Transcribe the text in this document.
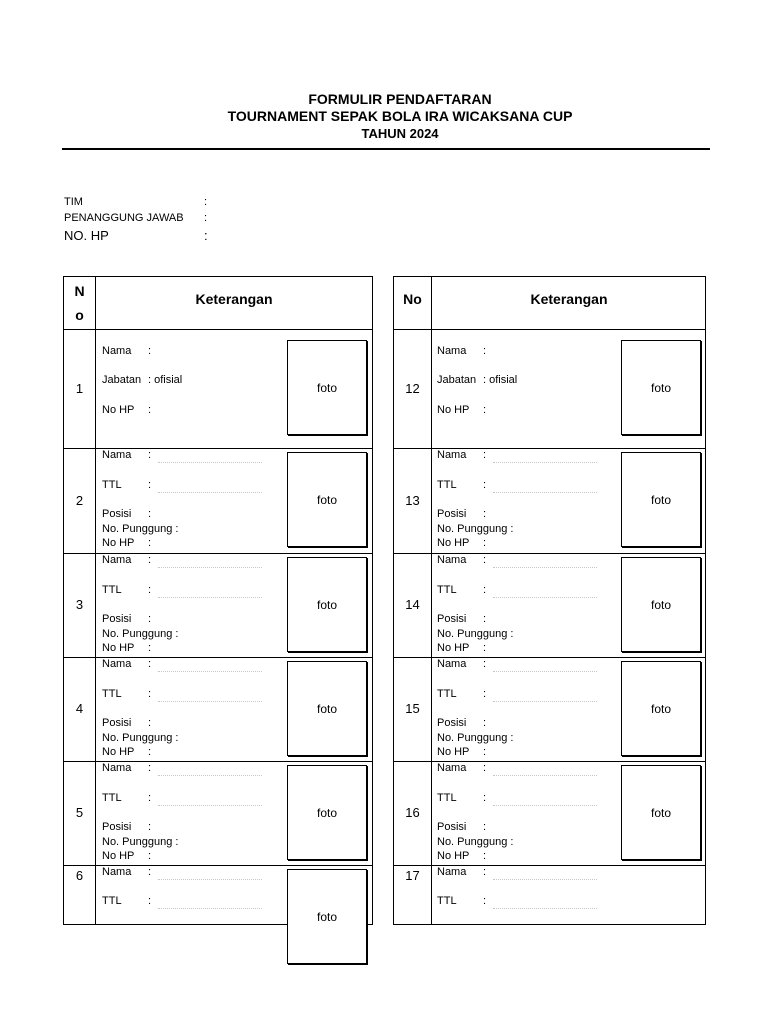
FORMULIR PENDAFTARAN
TOURNAMENT SEPAK BOLA IRA WICAKSANA CUP
TAHUN 2024
TIM	:
PENANGGUNG JAWAB :
NO. HP	:
N
o
Keterangan
1
Nama :
Jabatan : ofisial
No HP :
foto
2
Nama :
TTL :
Posisi :
No. Punggung :
No HP :
foto
3
Nama :
TTL :
Posisi :
No. Punggung :
No HP :
foto
4
Nama :
TTL :
Posisi :
No. Punggung :
No HP :
foto
5
Nama :
TTL :
Posisi :
No. Punggung :
No HP :
foto
6	Nama :
TTL :
foto
No	Keterangan
12
Nama :
Jabatan : ofisial
No HP :
foto
13
Nama :
TTL :
Posisi :
No. Punggung :
No HP :
foto
14
Nama :
TTL :
Posisi :
No. Punggung :
No HP :
foto
15
Nama :
TTL :
Posisi :
No. Punggung :
No HP :
foto
16
Nama :
TTL :
Posisi :
No. Punggung :
No HP :
foto
17	Nama :
TTL :
